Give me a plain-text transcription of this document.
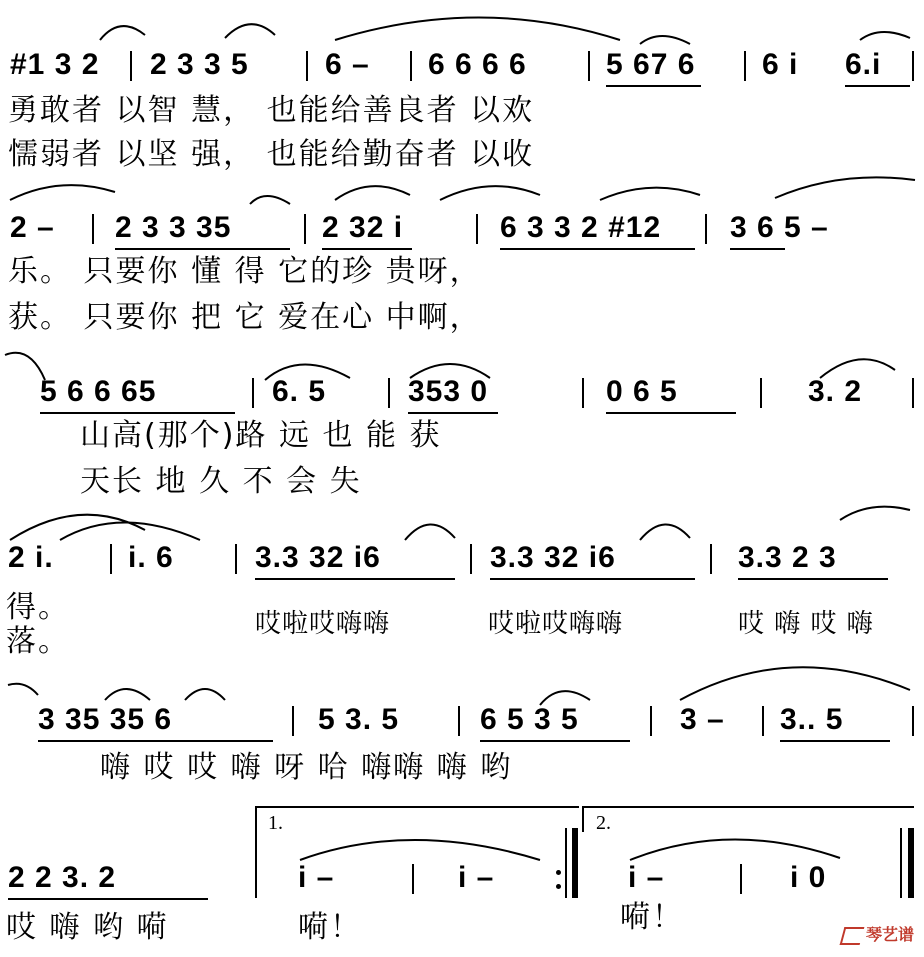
#1 3 2 2 3 3 5	6 – 6 6 6 6	5 67 6 6 i 6.i
勇敢者 以智 慧， 也能给善良者 以欢
懦弱者 以坚 强， 也能给勤奋者 以收
2 – 2 3 3 35	2 32 i	6 3 3 2 #12 3 6 5 –
乐。 只要你 懂 得 它的珍 贵呀，
获。 只要你 把 它 爱在心 中啊，
5 6 6 65	6. 5	353 0	0 6 5	3. 2
山高(那个)路 远 也 能 获
天长 地 久 不 会 失
2 i. i. 6	3.3 32 i6	3.3 32 i6	3.3 2 3
得。
落。	哎啦哎嗨嗨	哎啦哎嗨嗨	哎 嗨 哎 嗨
3 35 35 6	5 3. 5	6 5 3 5	3 – 3.. 5
嗨 哎 哎 嗨 呀 哈 嗨嗨 嗨 哟
2 2 3. 2
1.
i –	i –
2.
i –	i 0
哎 嗨 哟 嗬	嗬！	嗬！	琴艺谱
